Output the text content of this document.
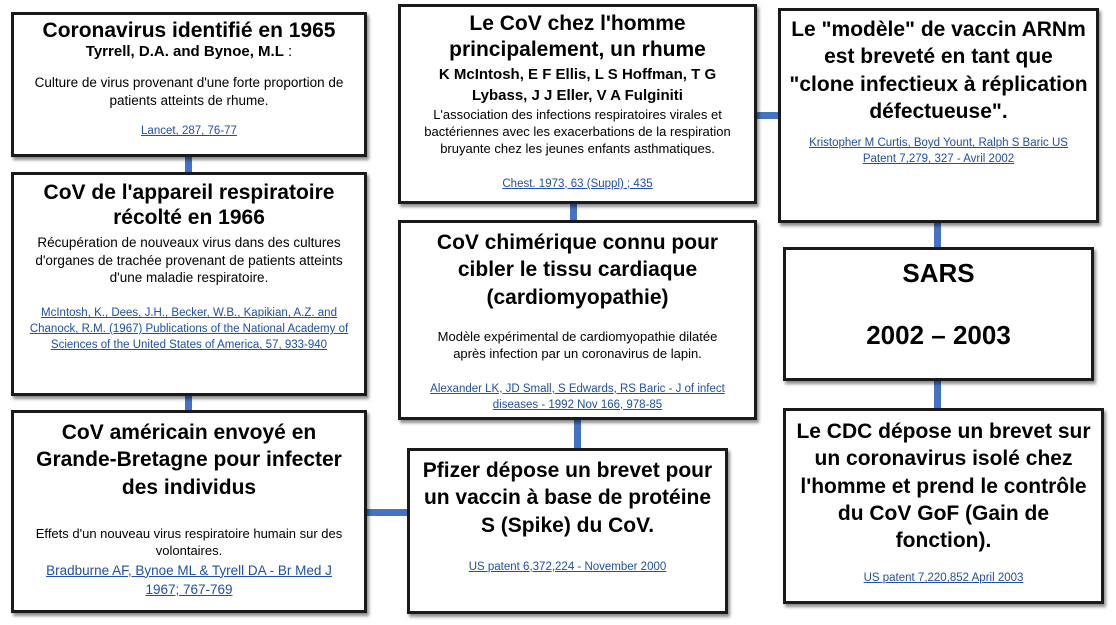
Coronavirus identifié en 1965
Tyrrell, D.A. and Bynoe, M.L :
Culture de virus provenant d'une forte proportion de patients atteints de rhume.
Lancet, 287, 76-77
CoV de l'appareil respiratoire récolté en 1966
Récupération de nouveaux virus dans des cultures d'organes de trachée provenant de patients atteints d'une maladie respiratoire.
McIntosh, K., Dees, J.H., Becker, W.B., Kapikian, A.Z. and Chanock, R.M. (1967) Publications of the National Academy of Sciences of the United States of America, 57, 933-940
CoV américain envoyé en Grande-Bretagne pour infecter des individus
Effets d'un nouveau virus respiratoire humain sur des volontaires.
Bradburne AF, Bynoe ML & Tyrell DA - Br Med J 1967; 767-769
Le CoV chez l'homme principalement, un rhume
K McIntosh, E F Ellis, L S Hoffman, T G Lybass, J J Eller, V A Fulginiti
L'association des infections respiratoires virales et bactériennes avec les exacerbations de la respiration bruyante chez les jeunes enfants asthmatiques.
Chest. 1973, 63 (Suppl) ; 435
CoV chimérique connu pour cibler le tissu cardiaque (cardiomyopathie)
Modèle expérimental de cardiomyopathie dilatée après infection par un coronavirus de lapin.
Alexander LK, JD Small, S Edwards, RS Baric - J of infect diseases - 1992 Nov 166, 978-85
Pfizer dépose un brevet pour un vaccin à base de protéine S (Spike) du CoV.
US patent 6,372,224 - November 2000
Le "modèle" de vaccin ARNm est breveté en tant que "clone infectieux à réplication défectueuse".
Kristopher M Curtis, Boyd Yount, Ralph S Baric US Patent 7,279, 327 - Avril 2002
SARS
2002 – 2003
Le CDC dépose un brevet sur un coronavirus isolé chez l'homme et prend le contrôle du CoV GoF (Gain de fonction).
US patent 7,220,852 April 2003
